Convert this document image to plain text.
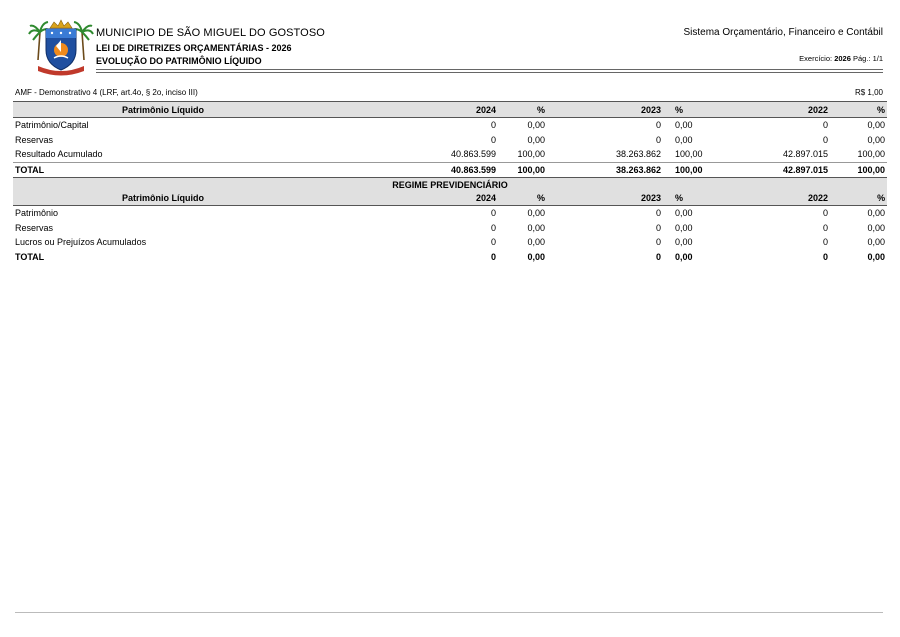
MUNICIPIO DE SÃO MIGUEL DO GOSTOSO
LEI DE DIRETRIZES ORÇAMENTÁRIAS - 2026
EVOLUÇÃO DO PATRIMÔNIO LÍQUIDO
Sistema Orçamentário, Financeiro e Contábil
Exercício: 2026 Pág.: 1/1
AMF - Demonstrativo 4 (LRF, art.4o, § 2o, inciso III)	R$ 1,00
Patrimônio Líquido	2024	%	2023	%	2022	%
Patrimônio/Capital	0	0,00	0	0,00	0	0,00
Reservas	0	0,00	0	0,00	0	0,00
Resultado Acumulado	40.863.599	100,00	38.263.862	100,00	42.897.015	100,00
TOTAL	40.863.599	100,00	38.263.862	100,00	42.897.015	100,00
REGIME PREVIDENCIÁRIO						
Patrimônio Líquido	2024	%	2023	%	2022	%
Patrimônio	0	0,00	0	0,00	0	0,00
Reservas	0	0,00	0	0,00	0	0,00
Lucros ou Prejuízos Acumulados	0	0,00	0	0,00	0	0,00
TOTAL	0	0,00	0	0,00	0	0,00
